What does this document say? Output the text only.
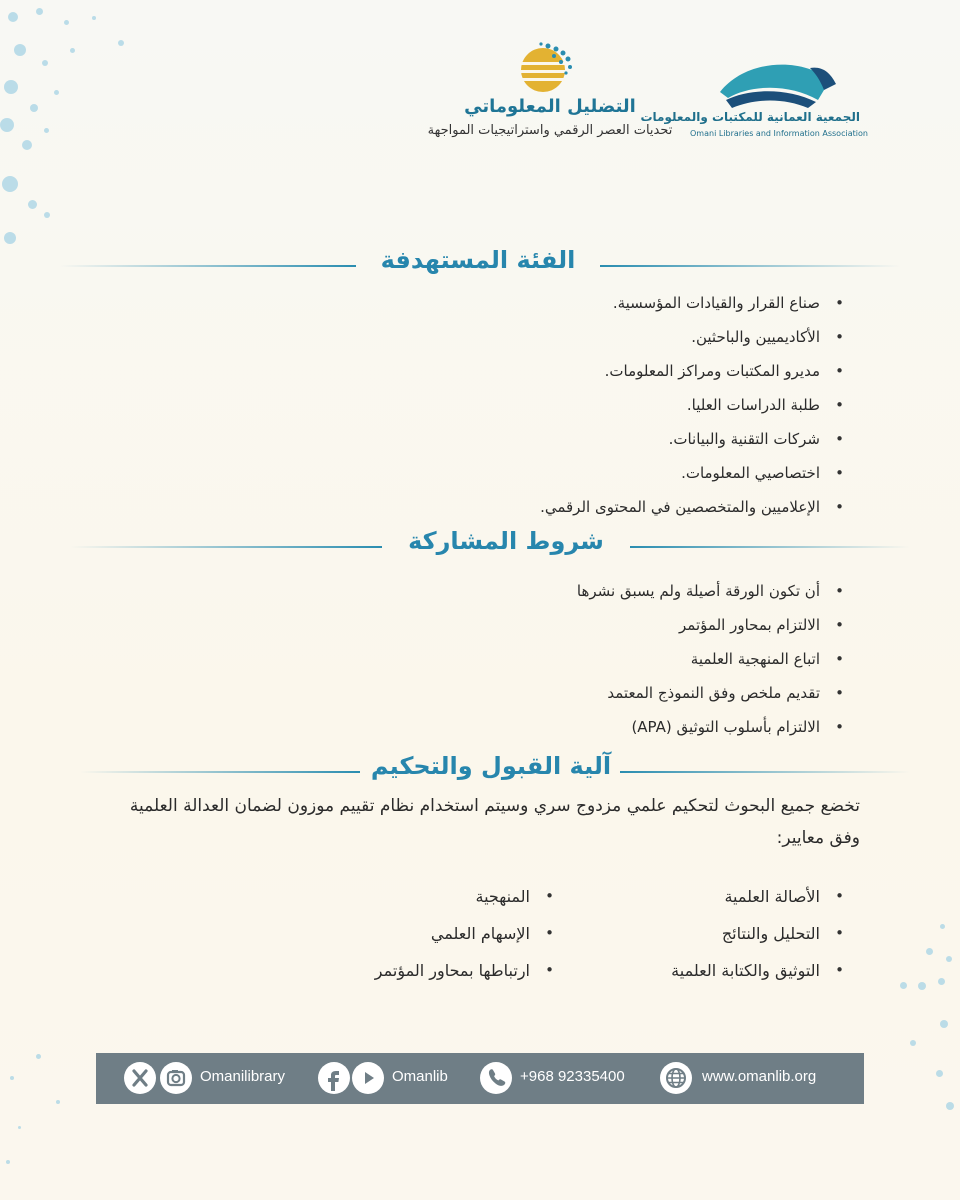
الجمعية العمانية للمكتبات والمعلومات
Omani Libraries and Information Association
التضليل المعلوماتي
تحديات العصر الرقمي واستراتيجيات المواجهة
الفئة المستهدفة
• صناع القرار والقيادات المؤسسية.
• الأكاديميين والباحثين.
• مديرو المكتبات ومراكز المعلومات.
• طلبة الدراسات العليا.
• شركات التقنية والبيانات.
• اختصاصيي المعلومات.
• الإعلاميين والمتخصصين في المحتوى الرقمي.
شروط المشاركة
• أن تكون الورقة أصيلة ولم يسبق نشرها
• الالتزام بمحاور المؤتمر
• اتباع المنهجية العلمية
• تقديم ملخص وفق النموذج المعتمد
• الالتزام بأسلوب التوثيق (APA)
آلية القبول والتحكيم
تخضع جميع البحوث لتحكيم علمي مزدوج سري وسيتم استخدام نظام تقييم موزون لضمان العدالة العلمية وفق معايير:
• الأصالة العلمية
• التحليل والنتائج
• التوثيق والكتابة العلمية
• المنهجية
• الإسهام العلمي
• ارتباطها بمحاور المؤتمر
Omanilibrary	Omanlib	+968 92335400	www.omanlib.org
